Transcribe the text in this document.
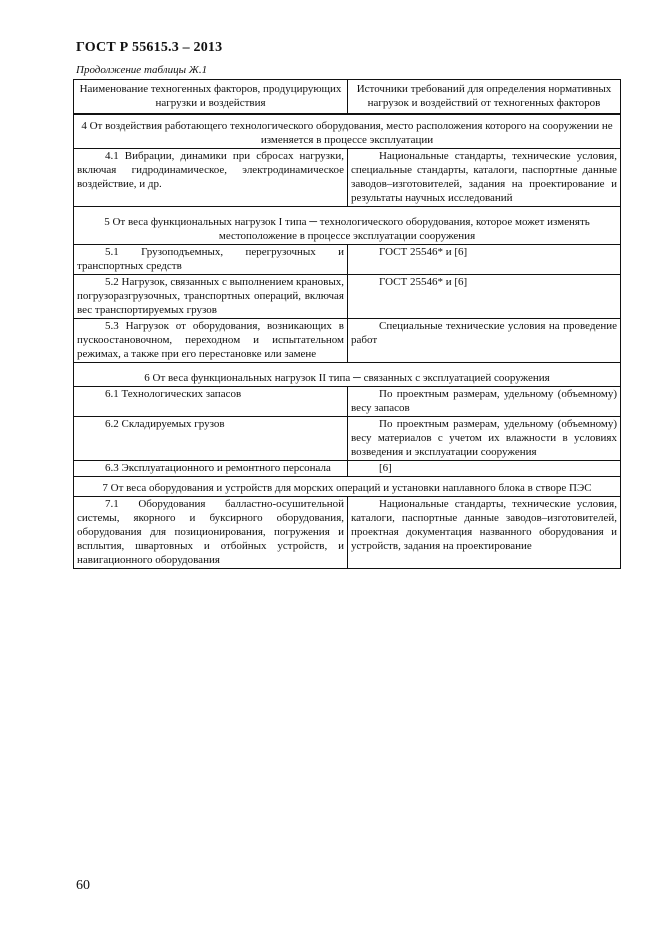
ГОСТ Р 55615.3 – 2013
Продолжение таблицы Ж.1
Наименование техногенных факторов, продуцирующих нагрузки и воздействия	Источники требований для определения нормативных нагрузок и воздействий от техногенных факторов
4 От воздействия работающего технологического оборудования, место расположения которого на сооружении не изменяется в процессе эксплуатации	
4.1 Вибрации, динамики при сбросах нагрузки, включая гидродинамическое, электродинамическое воздействие, и др.	Национальные стандарты, технические условия, специальные стандарты, каталоги, паспортные данные заводов–изготовителей, задания на проектирование и результаты научных исследований
5 От веса функциональных нагрузок I типа ─ технологического оборудования, которое может изменять местоположение в процессе эксплуатации сооружения	
5.1 Грузоподъемных, перегрузочных и транспортных средств	ГОСТ 25546* и [6]
5.2 Нагрузок, связанных с выполнением крановых, погрузоразгрузочных, транспортных операций, включая вес транспортируемых грузов	ГОСТ 25546* и [6]
5.3 Нагрузок от оборудования, возникающих в пускоостановочном, переходном и испытательном режимах, а также при его перестановке или замене	Специальные технические условия на проведение работ
6 От веса функциональных нагрузок II типа ─ связанных с эксплуатацией сооружения	
6.1 Технологических запасов	По проектным размерам, удельному (объемному) весу запасов
6.2 Складируемых грузов	По проектным размерам, удельному (объемному) весу материалов с учетом их влажности в условиях возведения и эксплуатации сооружения
6.3 Эксплуатационного и ремонтного персонала	[6]
7 От веса оборудования и устройств для морских операций и установки наплавного блока в створе ПЭС	
7.1 Оборудования балластно-осушительной системы, якорного и буксирного оборудования, оборудования для позиционирования, погружения и всплытия, швартовных и отбойных устройств, и навигационного оборудования	Национальные стандарты, технические условия, каталоги, паспортные данные заводов–изготовителей, проектная документация названного оборудования и устройств, задания на проектирование
60
